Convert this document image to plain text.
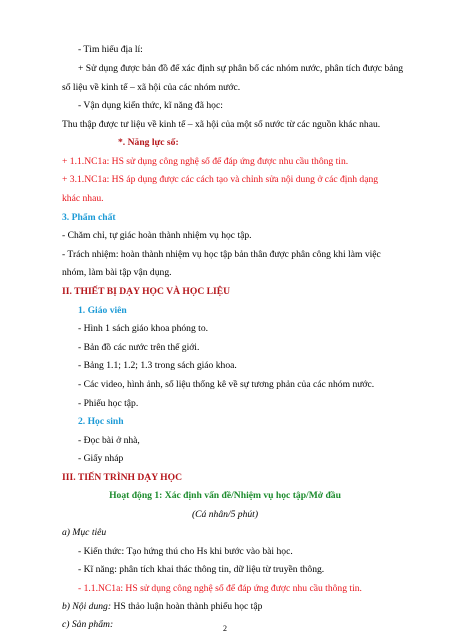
- Tìm hiểu địa lí:
+ Sử dụng được bản đồ để xác định sự phân bố các nhóm nước, phân tích được bảng
số liệu về kinh tế – xã hội của các nhóm nước.
- Vận dụng kiến thức, kĩ năng đã học:
Thu thập được tư liệu về kinh tế – xã hội của một số nước từ các nguồn khác nhau.
*. Năng lực số:
+ 1.1.NC1a: HS sử dụng công nghệ số để đáp ứng được nhu cầu thông tin.
+ 3.1.NC1a: HS áp dụng được các cách tạo và chỉnh sửa nội dung ở các định dạng
khác nhau.
3. Phẩm chất
- Chăm chỉ, tự giác hoàn thành nhiệm vụ học tập.
- Trách nhiệm: hoàn thành nhiệm vụ học tập bản thân được phân công khi làm việc
nhóm, làm bài tập vận dụng.
II. THIẾT BỊ DẠY HỌC VÀ HỌC LIỆU
1. Giáo viên
- Hình 1 sách giáo khoa phóng to.
- Bản đồ các nước trên thế giới.
- Bảng 1.1; 1.2; 1.3 trong sách giáo khoa.
- Các video, hình ảnh, số liệu thống kê về sự tương phản của các nhóm nước.
- Phiếu học tập.
2. Học sinh
- Đọc bài ở nhà,
- Giấy nháp
III. TIẾN TRÌNH DẠY HỌC
Hoạt động 1: Xác định vấn đề/Nhiệm vụ học tập/Mở đầu
(Cá nhân/5 phút)
a) Mục tiêu
- Kiến thức: Tạo hứng thú cho Hs khi bước vào bài học.
- Kĩ năng: phân tích khai thác thông tin, dữ liệu từ truyền thông.
- 1.1.NC1a: HS sử dụng công nghệ số để đáp ứng được nhu cầu thông tin.
b) Nội dung: HS thảo luận hoàn thành phiếu học tập
c) Sản phẩm:	2
